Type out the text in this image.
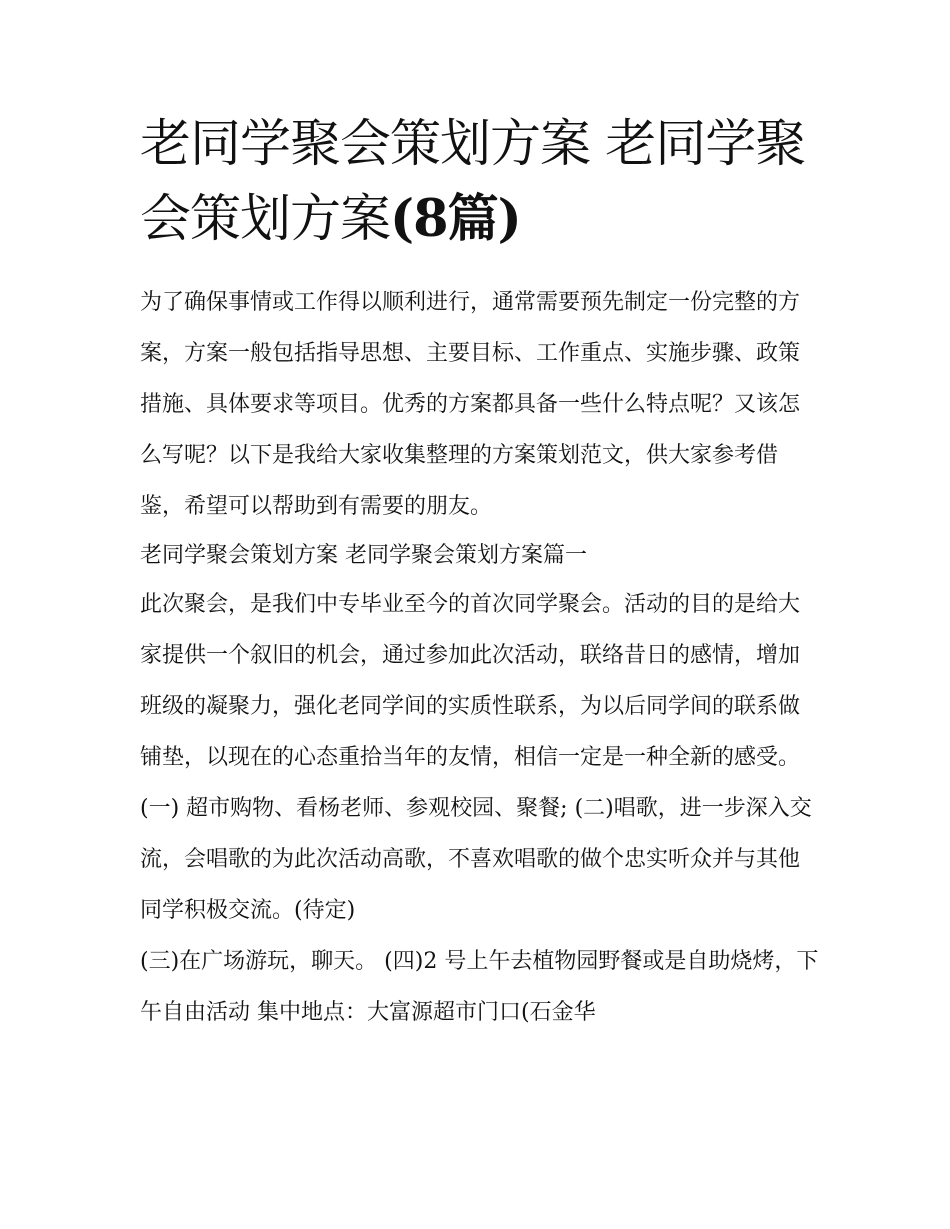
老同学聚会策划方案 老同学聚会策划方案(8篇)

为了确保事情或工作得以顺利进行，通常需要预先制定一份完整的方案，方案一般包括指导思想、主要目标、工作重点、实施步骤、政策措施、具体要求等项目。优秀的方案都具备一些什么特点呢？又该怎么写呢？以下是我给大家收集整理的方案策划范文，供大家参考借鉴，希望可以帮助到有需要的朋友。

老同学聚会策划方案 老同学聚会策划方案篇一

此次聚会，是我们中专毕业至今的首次同学聚会。活动的目的是给大家提供一个叙旧的机会，通过参加此次活动，联络昔日的感情，增加班级的凝聚力，强化老同学间的实质性联系，为以后同学间的联系做铺垫，以现在的心态重拾当年的友情，相信一定是一种全新的感受。

(一) 超市购物、看杨老师、参观校园、聚餐; (二)唱歌，进一步深入交流，会唱歌的为此次活动高歌，不喜欢唱歌的做个忠实听众并与其他同学积极交流。(待定)

(三)在广场游玩，聊天。 (四)2 号上午去植物园野餐或是自助烧烤，下午自由活动 集中地点：大富源超市门口(石金华
